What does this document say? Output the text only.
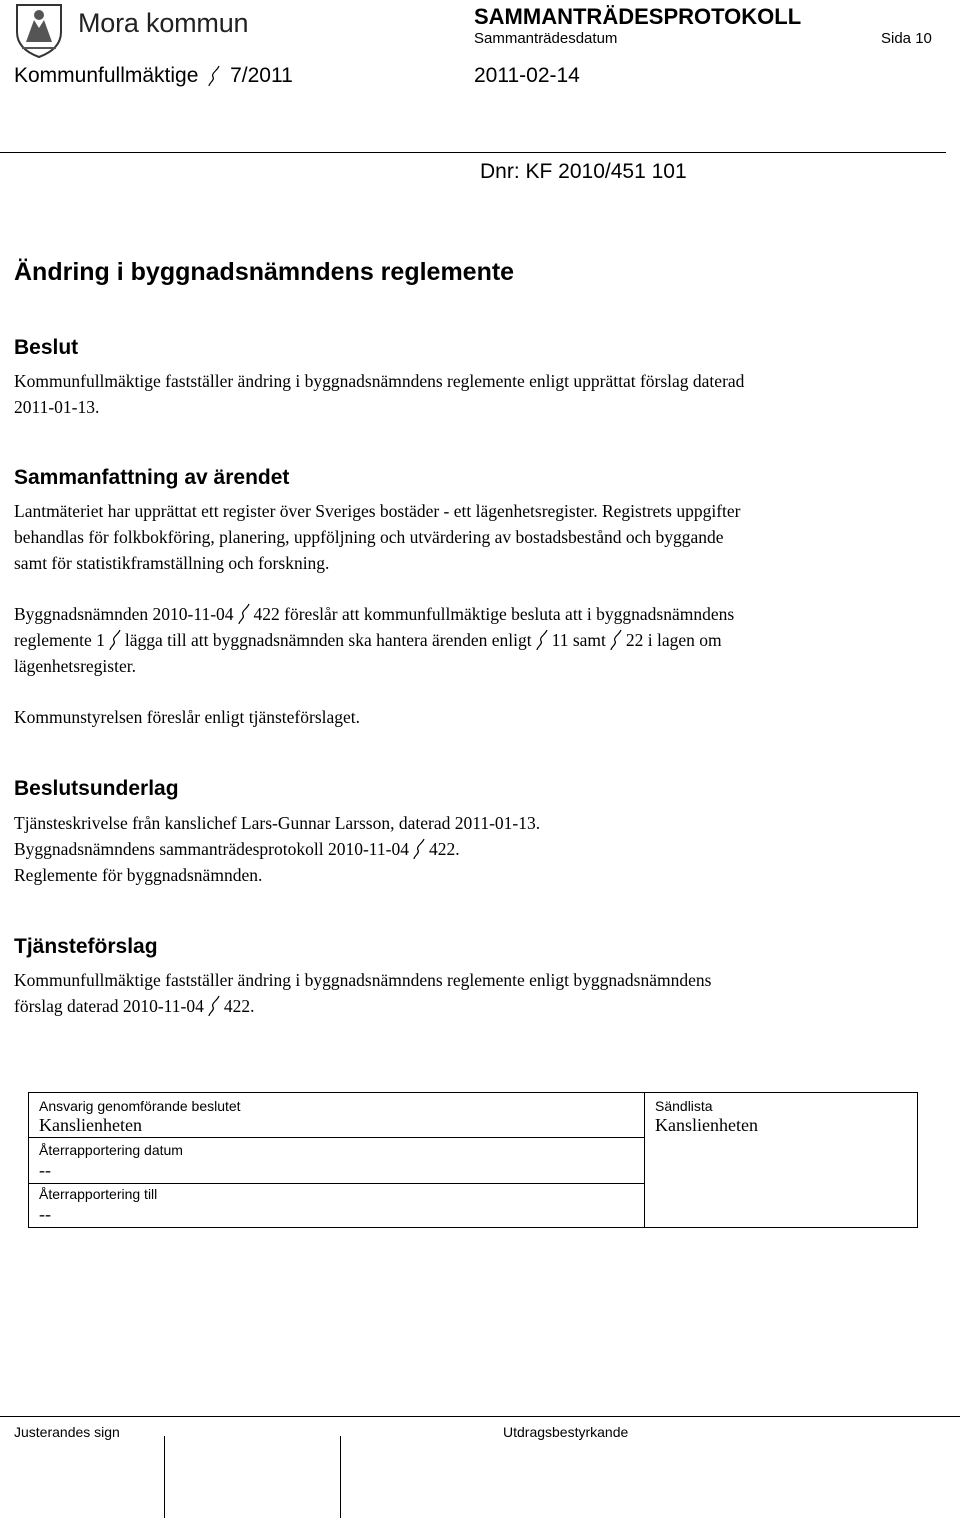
Mora kommun	SAMMANTRÄDESPROTOKOLL
Sammanträdesdatum	Sida 10
Kommunfullmäktige 7/2011	2011-02-14
Dnr: KF 2010/451 101
Ändring i byggnadsnämndens reglemente
Beslut
Kommunfullmäktige fastställer ändring i byggnadsnämndens reglemente enligt upprättat förslag daterad
2011-01-13.
Sammanfattning av ärendet
Lantmäteriet har upprättat ett register över Sveriges bostäder - ett lägenhetsregister. Registrets uppgifter
behandlas för folkbokföring, planering, uppföljning och utvärdering av bostadsbestånd och byggande
samt för statistikframställning och forskning.
Byggnadsnämnden 2010-11-04 422 föreslår att kommunfullmäktige besluta att i byggnadsnämndens
reglemente 1 lägga till att byggnadsnämnden ska hantera ärenden enligt 11 samt 22 i lagen om
lägenhetsregister.
Kommunstyrelsen föreslår enligt tjänsteförslaget.
Beslutsunderlag
Tjänsteskrivelse från kanslichef Lars-Gunnar Larsson, daterad 2011-01-13.
Byggnadsnämndens sammanträdesprotokoll 2010-11-04 422.
Reglemente för byggnadsnämnden.
Tjänsteförslag
Kommunfullmäktige fastställer ändring i byggnadsnämndens reglemente enligt byggnadsnämndens
förslag daterad 2010-11-04 422.
Ansvarig genomförande beslutet
Kanslienheten
Återrapportering datum
--
Återrapportering till
--
Sändlista
Kanslienheten
Justerandes sign	Utdragsbestyrkande
